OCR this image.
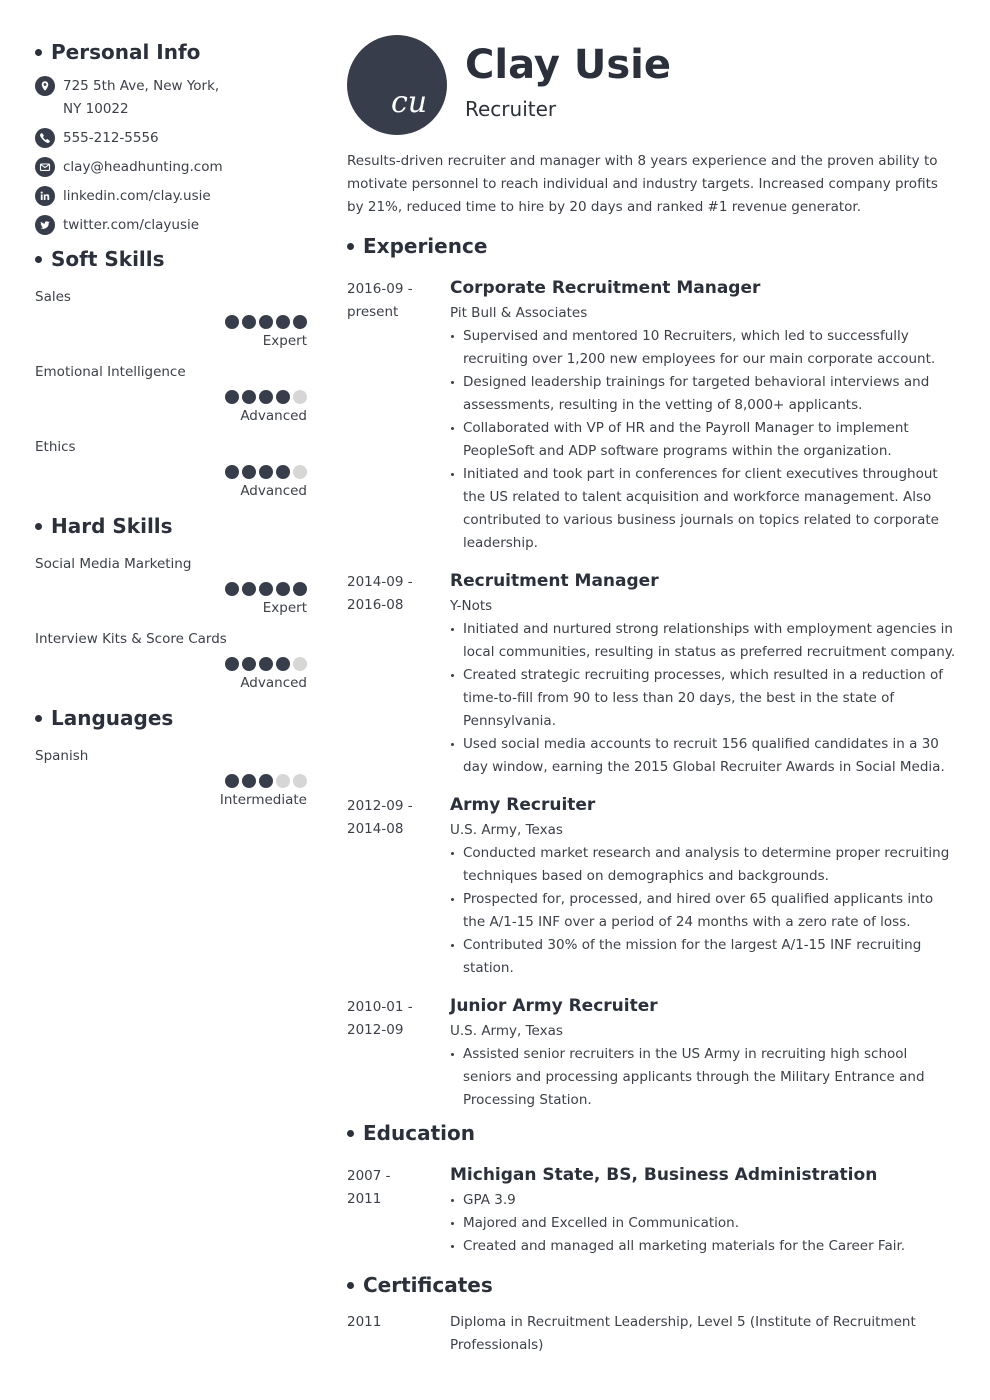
Personal Info
725 5th Ave, New York, NY 10022
555-212-5556
clay@headhunting.com
linkedin.com/clay.usie
twitter.com/clayusie
Soft Skills
Sales
Expert
Emotional Intelligence
Advanced
Ethics
Advanced
Hard Skills
Social Media Marketing
Expert
Interview Kits & Score Cards
Advanced
Languages
Spanish
Intermediate
cu
Clay Usie
Recruiter

Results-driven recruiter and manager with 8 years experience and the proven ability to motivate personnel to reach individual and industry targets. Increased company profits by 21%, reduced time to hire by 20 days and ranked #1 revenue generator.

Experience
2016-09 -
present
Corporate Recruitment Manager
Pit Bull & Associates
Supervised and mentored 10 Recruiters, which led to successfully recruiting over 1,200 new employees for our main corporate account.
Designed leadership trainings for targeted behavioral interviews and assessments, resulting in the vetting of 8,000+ applicants.
Collaborated with VP of HR and the Payroll Manager to implement PeopleSoft and ADP software programs within the organization.
Initiated and took part in conferences for client executives throughout the US related to talent acquisition and workforce management. Also contributed to various business journals on topics related to corporate leadership.
2014-09 -
2016-08
Recruitment Manager
Y-Nots
Initiated and nurtured strong relationships with employment agencies in local communities, resulting in status as preferred recruitment company.
Created strategic recruiting processes, which resulted in a reduction of time-to-fill from 90 to less than 20 days, the best in the state of Pennsylvania.
Used social media accounts to recruit 156 qualified candidates in a 30 day window, earning the 2015 Global Recruiter Awards in Social Media.
2012-09 -
2014-08
Army Recruiter
U.S. Army, Texas
Conducted market research and analysis to determine proper recruiting techniques based on demographics and backgrounds.
Prospected for, processed, and hired over 65 qualified applicants into the A/1-15 INF over a period of 24 months with a zero rate of loss.
Contributed 30% of the mission for the largest A/1-15 INF recruiting station.
2010-01 -
2012-09
Junior Army Recruiter
U.S. Army, Texas
Assisted senior recruiters in the US Army in recruiting high school seniors and processing applicants through the Military Entrance and Processing Station.
Education
2007 -
2011
Michigan State, BS, Business Administration
GPA 3.9
Majored and Excelled in Communication.
Created and managed all marketing materials for the Career Fair.
Certificates
2011	Diploma in Recruitment Leadership, Level 5 (Institute of Recruitment Professionals)
